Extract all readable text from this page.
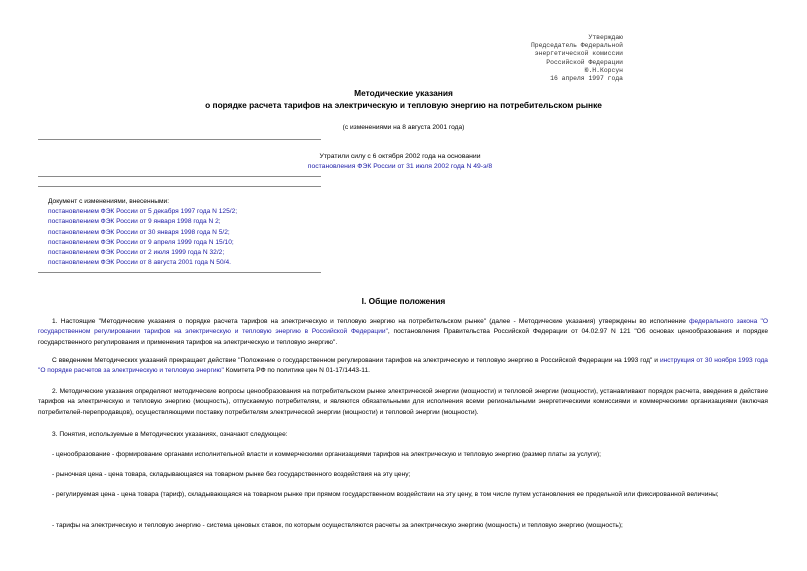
Утверждаю
Председатель Федеральной
энергетической комиссии
Российской Федерации
Ю.Н.Корсун
16 апреля 1997 года
Методические указания
о порядке расчета тарифов на электрическую и тепловую энергию на потребительском рынке
(с изменениями на 8 августа 2001 года)
Утратили силу с 6 октября 2002 года на основании
постановления ФЭК России от 31 июля 2002 года N 49-э/8
Документ с изменениями, внесенными:
постановлением ФЭК России от 5 декабря 1997 года N 125/2;
постановлением ФЭК России от 9 января 1998 года N 2;
постановлением ФЭК России от 30 января 1998 года N 5/2;
постановлением ФЭК России от 9 апреля 1999 года N 15/10;
постановлением ФЭК России от 2 июля 1999 года N 32/2;
постановлением ФЭК России от 8 августа 2001 года N 50/4.
I. Общие положения
1. Настоящие "Методические указания о порядке расчета тарифов на электрическую и тепловую энергию на потребительском рынке" (далее - Методические указания) утверждены во исполнение федерального закона "О государственном регулировании тарифов на электрическую и тепловую энергию в Российской Федерации", постановления Правительства Российской Федерации от 04.02.97 N 121 "Об основах ценообразования и порядке государственного регулирования и применения тарифов на электрическую и тепловую энергию".
С введением Методических указаний прекращает действие "Положение о государственном регулировании тарифов на электрическую и тепловую энергию в Российской Федерации на 1993 год" и инструкция от 30 ноября 1993 года "О порядке расчетов за электрическую и тепловую энергию" Комитета РФ по политике цен N 01-17/1443-11.
2. Методические указания определяют методические вопросы ценообразования на потребительском рынке электрической энергии (мощности) и тепловой энергии (мощности), устанавливают порядок расчета, введения в действие тарифов на электрическую и тепловую энергию (мощность), отпускаемую потребителям, и являются обязательными для исполнения всеми региональными энергетическими комиссиями и коммерческими организациями (включая потребителей-перепродавцов), осуществляющими поставку потребителям электрической энергии (мощности) и тепловой энергии (мощности).
3. Понятия, используемые в Методических указаниях, означают следующее:
- ценообразование - формирование органами исполнительной власти и коммерческими организациями тарифов на электрическую и тепловую энергию (размер платы за услуги);
- рыночная цена - цена товара, складывающаяся на товарном рынке без государственного воздействия на эту цену;
- регулируемая цена - цена товара (тариф), складывающаяся на товарном рынке при прямом государственном воздействии на эту цену, в том числе путем установления ее предельной или фиксированной величины;
- тарифы на электрическую и тепловую энергию - система ценовых ставок, по которым осуществляются расчеты за электрическую энергию (мощность) и тепловую энергию (мощность);
